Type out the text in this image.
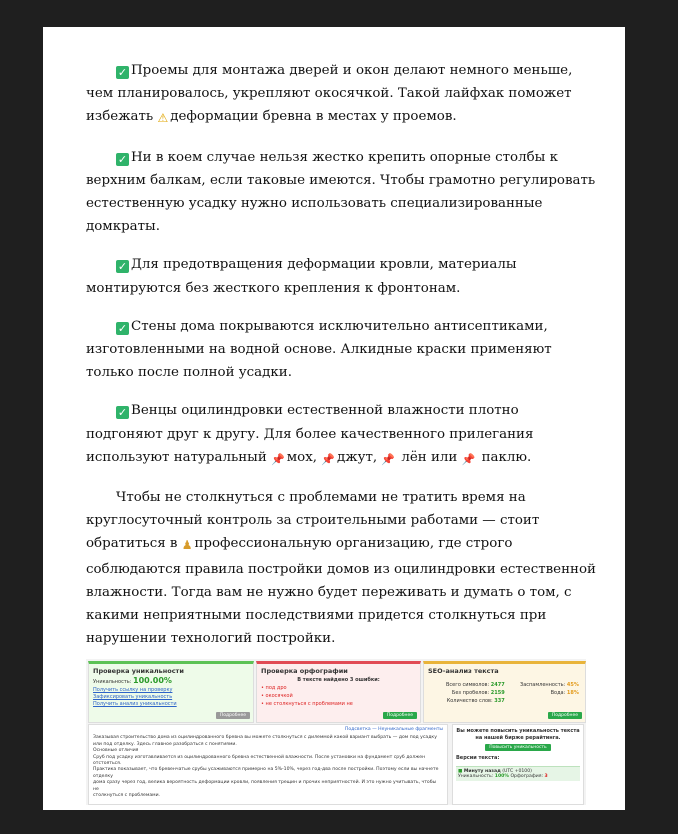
✓ Проемы для монтажа дверей и окон делают немного меньше, чем планировалось, укрепляют окосячкой. Такой лайфхак поможет избежать ⚠ деформации бревна в местах у проемов.

✓ Ни в коем случае нельзя жестко крепить опорные столбы к верхним балкам, если таковые имеются. Чтобы грамотно регулировать естественную усадку нужно использовать специализированные домкраты.

✓ Для предотвращения деформации кровли, материалы монтируются без жесткого крепления к фронтонам.

✓ Стены дома покрываются исключительно антисептиками, изготовленными на водной основе. Алкидные краски применяют только после полной усадки.

✓ Венцы оцилиндровки естественной влажности плотно подгоняют друг к другу. Для более качественного прилегания используют натуральный 📌 мох, 📌 джут, 📌 лён или 📌 паклю.

Чтобы не столкнуться с проблемами не тратить время на круглосуточный контроль за строительными работами — стоит обратиться в ♟ профессиональную организацию, где строго соблюдаются правила постройки домов из оцилиндровки естественной влажности. Тогда вам не нужно будет переживать и думать о том, с какими неприятными последствиями придется столкнуться при нарушении технологий постройки.

Проверка уникальности
Уникальность: 100.00%
Получить ссылку на проверку
Зафиксировать уникальность
Получить анализ уникальности
Подробнее
Проверка орфографии
В тексте найдено 3 ошибки:
• под дро
• окосячкой
• не столкнуться с проблемами не
Подробнее
SEO-анализ текста
Всего символов: 2477
Без пробелов: 2159
Количество слов: 337
Заспамленность: 45%
Вода: 18%
Подробнее
Подсветка — Неуникальные фрагменты
Заказывая строительство дома из оцилиндрованного бревна вы можете столкнуться с дилеммой какой вариант выбрать — дом под усадку или под отделку. Здесь главное разобраться с понятиями.
Основные отличия
Сруб под усадку изготавливается из оцилиндрованного бревна естественной влажности. После установки на фундамент сруб должен отстояться.
Практика показывает, что бревенчатые срубы усаживаются примерно на 5%-10%, через год-два после постройки. Поэтому если вы начнете отделку
дома сразу через год, велика вероятность деформации кровли, появления трещин и прочих неприятностей. И это нужно учитывать, чтобы не
столкнуться с проблемами.
Вы можете повысить уникальность текста на нашей бирже рерайтинга.
Повысить уникальность
Версии текста:
■ Минуту назад (UTC +0100)
Уникальность: 100% Орфография: 3
